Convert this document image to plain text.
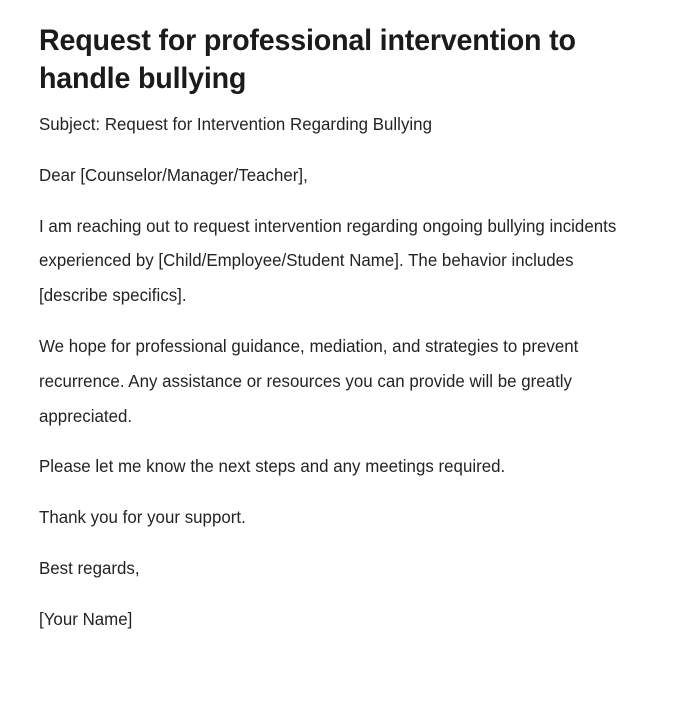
Request for professional intervention to handle bullying

Subject: Request for Intervention Regarding Bullying

Dear [Counselor/Manager/Teacher],

I am reaching out to request intervention regarding ongoing bullying incidents experienced by [Child/Employee/Student Name]. The behavior includes [describe specifics].

We hope for professional guidance, mediation, and strategies to prevent recurrence. Any assistance or resources you can provide will be greatly appreciated.

Please let me know the next steps and any meetings required.

Thank you for your support.

Best regards,

[Your Name]
